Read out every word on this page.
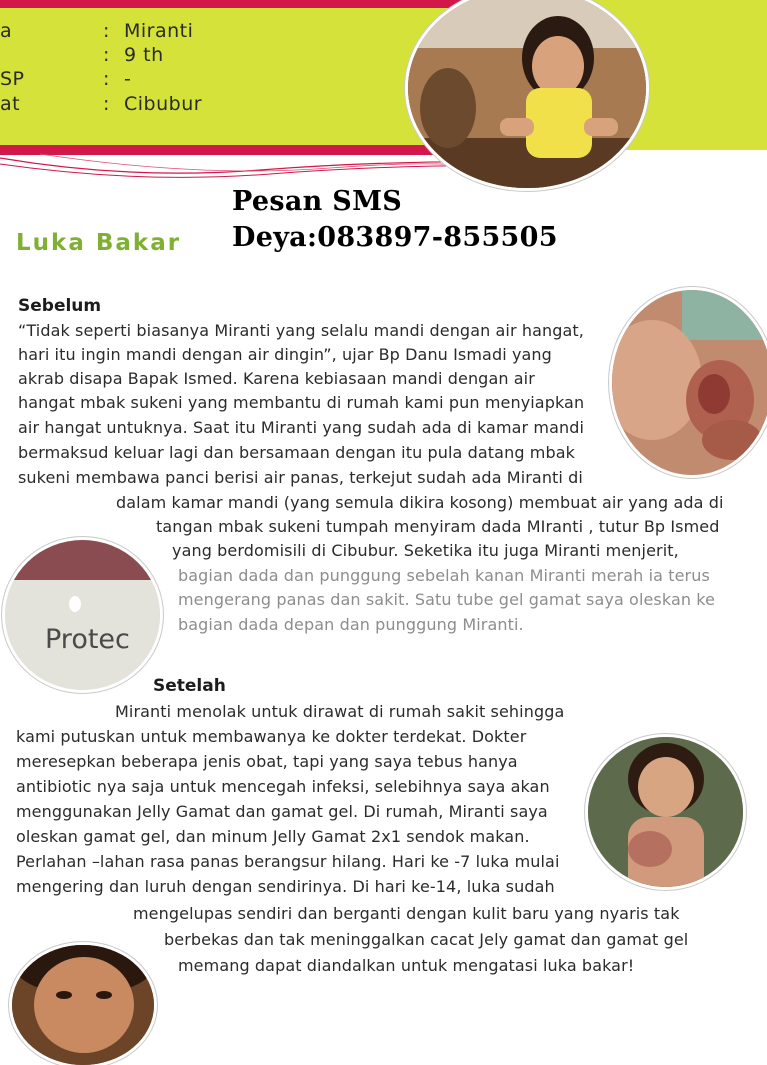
a	: Miranti
: 9 th
SP	: -
at	: Cibubur
Pesan SMS
Deya:083897-855505
Luka Bakar
Protec
Sebelum
“Tidak seperti biasanya Miranti yang selalu mandi dengan air hangat,
hari itu ingin mandi dengan air dingin”, ujar Bp Danu Ismadi yang
akrab disapa Bapak Ismed. Karena kebiasaan mandi dengan air
hangat mbak sukeni yang membantu di rumah kami pun menyiapkan
air hangat untuknya. Saat itu Miranti yang sudah ada di kamar mandi
bermaksud keluar lagi dan bersamaan dengan itu pula datang mbak
sukeni membawa panci berisi air panas, terkejut sudah ada Miranti di
dalam kamar mandi (yang semula dikira kosong) membuat air yang ada di
tangan mbak sukeni tumpah menyiram dada MIranti , tutur Bp Ismed
yang berdomisili di Cibubur. Seketika itu juga Miranti menjerit,
bagian dada dan punggung sebelah kanan Miranti merah ia terus
mengerang panas dan sakit. Satu tube gel gamat saya oleskan ke
bagian dada depan dan punggung Miranti.
Setelah
Miranti menolak untuk dirawat di rumah sakit sehingga
kami putuskan untuk membawanya ke dokter terdekat. Dokter
meresepkan beberapa jenis obat, tapi yang saya tebus hanya
antibiotic nya saja untuk mencegah infeksi, selebihnya saya akan
menggunakan Jelly Gamat dan gamat gel. Di rumah, Miranti saya
oleskan gamat gel, dan minum Jelly Gamat 2x1 sendok makan.
Perlahan –lahan rasa panas berangsur hilang. Hari ke -7 luka mulai
mengering dan luruh dengan sendirinya. Di hari ke-14, luka sudah
mengelupas sendiri dan berganti dengan kulit baru yang nyaris tak
berbekas dan tak meninggalkan cacat Jely gamat dan gamat gel
memang dapat diandalkan untuk mengatasi luka bakar!
